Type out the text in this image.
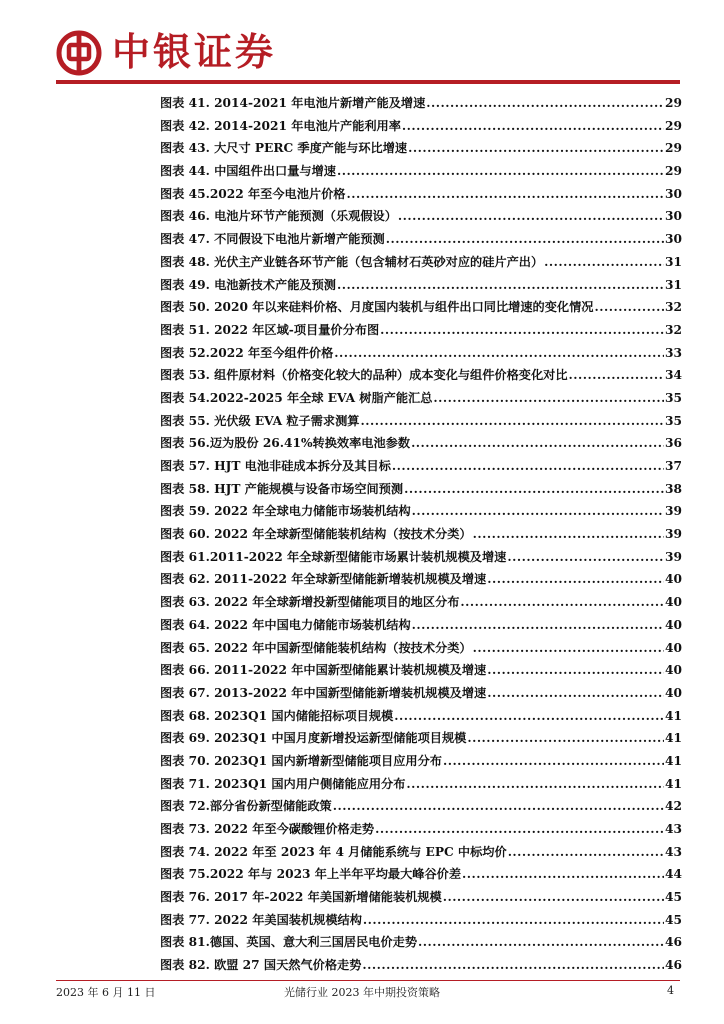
中银证券
图表 41. 2014-2021 年电池片新增产能及增速 .....	29
图表 42. 2014-2021 年电池片产能利用率 .....	29
图表 43. 大尺寸 PERC 季度产能与环比增速 .....	29
图表 44. 中国组件出口量与增速 .....	29
图表 45.2022 年至今电池片价格 .....	30
图表 46. 电池片环节产能预测（乐观假设） .....	30
图表 47. 不同假设下电池片新增产能预测 .....	30
图表 48. 光伏主产业链各环节产能（包含辅材石英砂对应的硅片产出） .....	31
图表 49. 电池新技术产能及预测 .....	31
图表 50. 2020 年以来硅料价格、月度国内装机与组件出口同比增速的变化情况 .....	32
图表 51. 2022 年区域-项目量价分布图 .....	32
图表 52.2022 年至今组件价格 .....	33
图表 53. 组件原材料（价格变化较大的品种）成本变化与组件价格变化对比 .....	34
图表 54.2022-2025 年全球 EVA 树脂产能汇总 .....	35
图表 55. 光伏级 EVA 粒子需求测算 .....	35
图表 56.迈为股份 26.41%转换效率电池参数 .....	36
图表 57. HJT 电池非硅成本拆分及其目标 .....	37
图表 58. HJT 产能规模与设备市场空间预测 .....	38
图表 59. 2022 年全球电力储能市场装机结构 .....	39
图表 60. 2022 年全球新型储能装机结构（按技术分类） .....	39
图表 61.2011-2022 年全球新型储能市场累计装机规模及增速 .....	39
图表 62. 2011-2022 年全球新型储能新增装机规模及增速 .....	40
图表 63. 2022 年全球新增投新型储能项目的地区分布 .....	40
图表 64. 2022 年中国电力储能市场装机结构 .....	40
图表 65. 2022 年中国新型储能装机结构（按技术分类） .....	40
图表 66. 2011-2022 年中国新型储能累计装机规模及增速 .....	40
图表 67. 2013-2022 年中国新型储能新增装机规模及增速 .....	40
图表 68. 2023Q1 国内储能招标项目规模 .....	41
图表 69. 2023Q1 中国月度新增投运新型储能项目规模 .....	41
图表 70. 2023Q1 国内新增新型储能项目应用分布 .....	41
图表 71. 2023Q1 国内用户侧储能应用分布 .....	41
图表 72.部分省份新型储能政策 .....	42
图表 73. 2022 年至今碳酸锂价格走势 .....	43
图表 74. 2022 年至 2023 年 4 月储能系统与 EPC 中标均价 .....	43
图表 75.2022 年与 2023 年上半年平均最大峰谷价差 .....	44
图表 76. 2017 年-2022 年美国新增储能装机规模 .....	45
图表 77. 2022 年美国装机规模结构 .....	45
图表 81.德国、英国、意大利三国居民电价走势 .....	46
图表 82. 欧盟 27 国天然气价格走势 .....	46
2023 年 6 月 11 日	光储行业 2023 年中期投资策略	4
